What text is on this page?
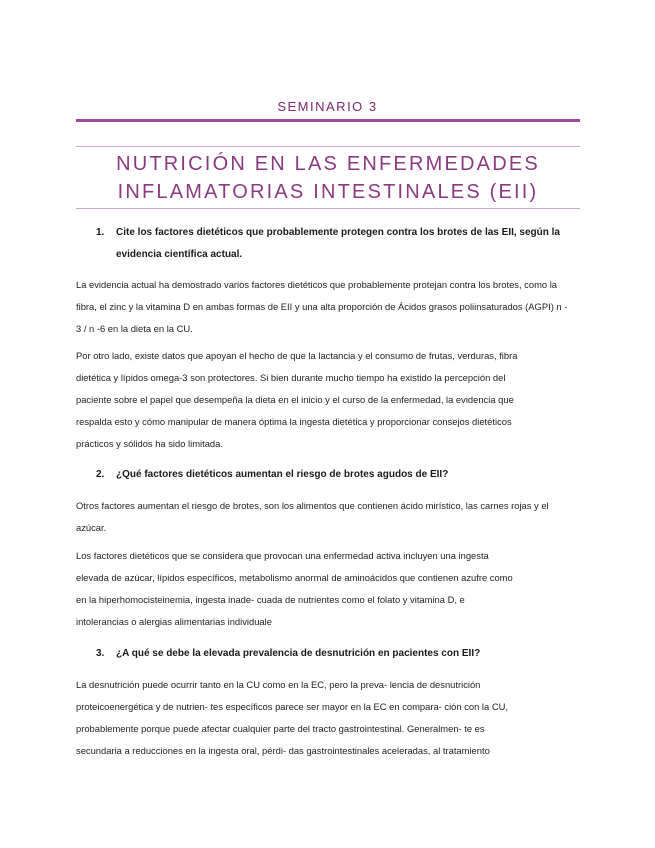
SEMINARIO 3
NUTRICIÓN EN LAS ENFERMEDADES
INFLAMATORIAS INTESTINALES (EII)
1. Cite los factores dietéticos que probablemente protegen contra los brotes de las EII, según la
evidencia científica actual.
La evidencia actual ha demostrado varios factores dietéticos que probablemente protejan contra los brotes, como la
fibra, el zinc y la vitamina D en ambas formas de EII y una alta proporción de Ácidos grasos poliinsaturados (AGPI) n -
3 / n -6 en la dieta en la CU.
Por otro lado, existe datos que apoyan el hecho de que la lactancia y el consumo de frutas, verduras, fibra
dietética y lípidos omega-3 son protectores. Si bien durante mucho tiempo ha existido la percepción del
paciente sobre el papel que desempeña la dieta en el inicio y el curso de la enfermedad, la evidencia que
respalda esto y cómo manipular de manera óptima la ingesta dietética y proporcionar consejos dietéticos
prácticos y sólidos ha sido limitada.
2. ¿Qué factores dietéticos aumentan el riesgo de brotes agudos de EII?
Otros factores aumentan el riesgo de brotes, son los alimentos que contienen ácido mirístico, las carnes rojas y el
azúcar.
Los factores dietéticos que se considera que provocan una enfermedad activa incluyen una ingesta
elevada de azúcar, lípidos específicos, metabolismo anormal de aminoácidos que contienen azufre como
en la hiperhomocisteinemia, ingesta inade- cuada de nutrientes como el folato y vitamina D, e
intolerancias o alergias alimentarias individuale
3. ¿A qué se debe la elevada prevalencia de desnutrición en pacientes con EII?
La desnutrición puede ocurrir tanto en la CU como en la EC, pero la preva- lencia de desnutrición
proteicoenergética y de nutrien- tes específicos parece ser mayor en la EC en compara- ción con la CU,
probablemente porque puede afectar cualquier parte del tracto gastrointestinal. Generalmen- te es
secundaria a reducciones en la ingesta oral, pérdi- das gastrointestinales aceleradas, al tratamiento
